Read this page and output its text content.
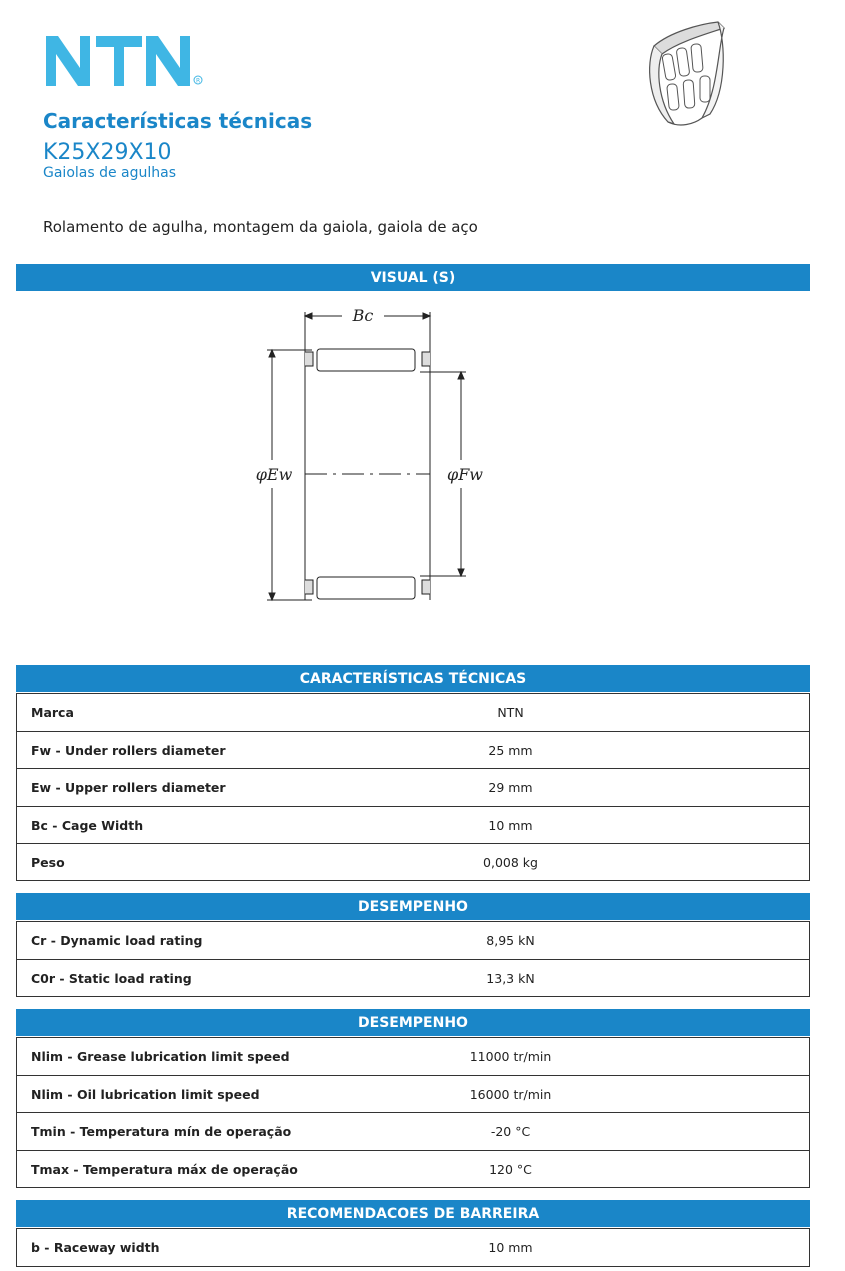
R
Características técnicas
K25X29X10
Gaiolas de agulhas
Rolamento de agulha, montagem da gaiola, gaiola de aço
VISUAL (S)
Bc
φEw	φFw
CARACTERÍSTICAS TÉCNICAS
Marca	NTN
Fw - Under rollers diameter	25 mm
Ew - Upper rollers diameter	29 mm
Bc - Cage Width	10 mm
Peso	0,008 kg
DESEMPENHO
Cr - Dynamic load rating	8,95 kN
C0r - Static load rating	13,3 kN
DESEMPENHO
Nlim - Grease lubrication limit speed	11000 tr/min
Nlim - Oil lubrication limit speed	16000 tr/min
Tmin - Temperatura mín de operação	-20 °C
Tmax - Temperatura máx de operação	120 °C
RECOMENDACOES DE BARREIRA
b - Raceway width	10 mm
